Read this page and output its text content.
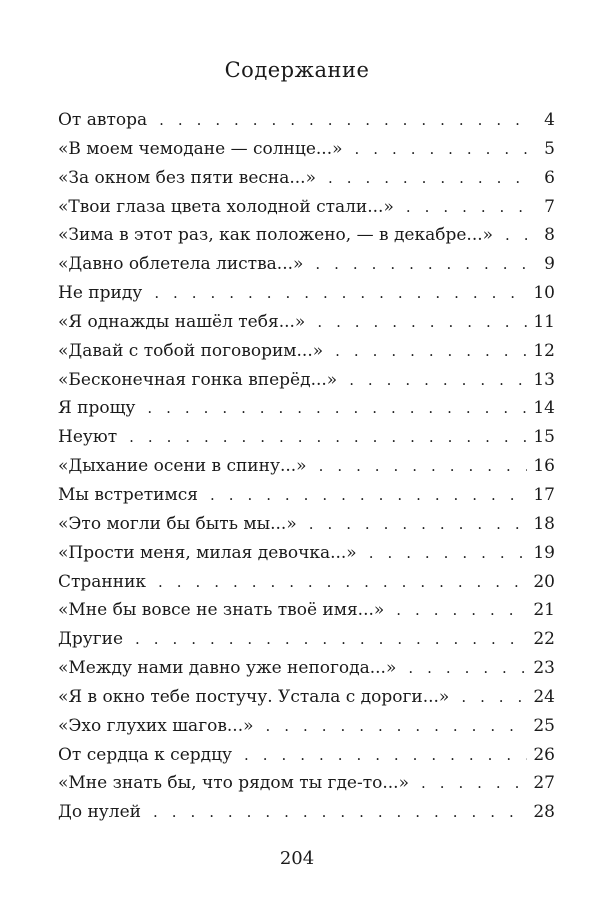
Содержание
От автора . . .	4
«В моем чемодане — солнце...» . . .	5
«За окном без пяти весна...» . . .	6
«Твои глаза цвета холодной стали...» . . .	7
«Зима в этот раз, как положено, — в декабре...» . . .	8
«Давно облетела листва...» . . .	9
Не приду . . .	10
«Я однажды нашёл тебя...» . . .	11
«Давай с тобой поговорим...» . . .	12
«Бесконечная гонка вперёд...» . . .	13
Я прощу . . .	14
Неуют . . .	15
«Дыхание осени в спину...» . . .	16
Мы встретимся . . .	17
«Это могли бы быть мы...» . . .	18
«Прости меня, милая девочка...» . . .	19
Странник . . .	20
«Мне бы вовсе не знать твоё имя...» . . .	21
Другие . . .	22
«Между нами давно уже непогода...» . . .	23
«Я в окно тебе постучу. Устала с дороги...» . . .	24
«Эхо глухих шагов...» . . .	25
От сердца к сердцу . . .	26
«Мне знать бы, что рядом ты где-то...» . . .	27
До нулей . . .	28
204
